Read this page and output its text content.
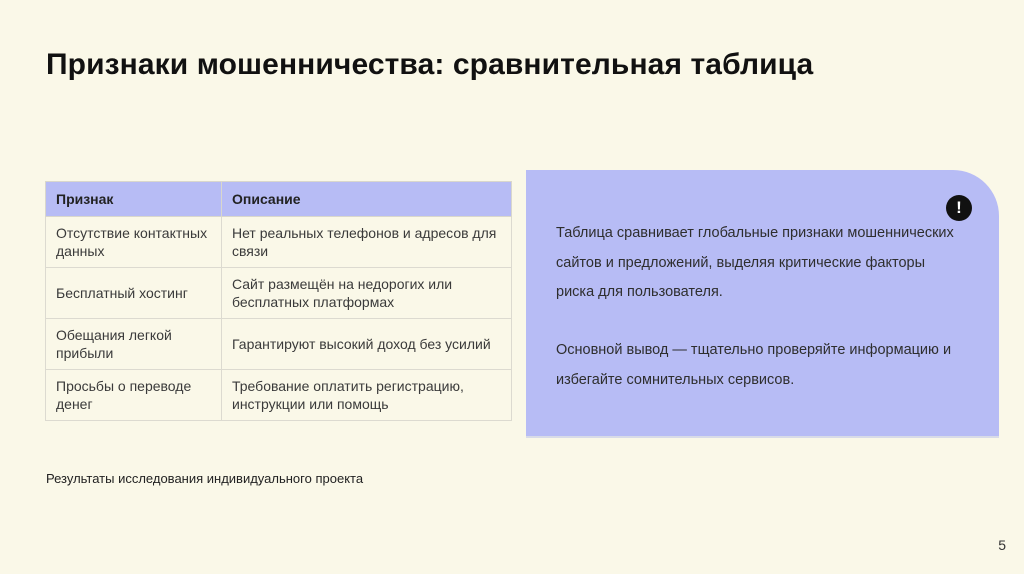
Признаки мошенничества: сравнительная таблица
Признак	Описание
Отсутствие контактных данных	Нет реальных телефонов и адресов для связи
Бесплатный хостинг	Сайт размещён на недорогих или бесплатных платформах
Обещания легкой прибыли	Гарантируют высокий доход без усилий
Просьбы о переводе денег	Требование оплатить регистрацию, инструкции или помощь
!

Таблица сравнивает глобальные признаки мошеннических сайтов и предложений, выделяя критические факторы риска для пользователя.

Основной вывод — тщательно проверяйте информацию и избегайте сомнительных сервисов.

Результаты исследования индивидуального проекта
5
